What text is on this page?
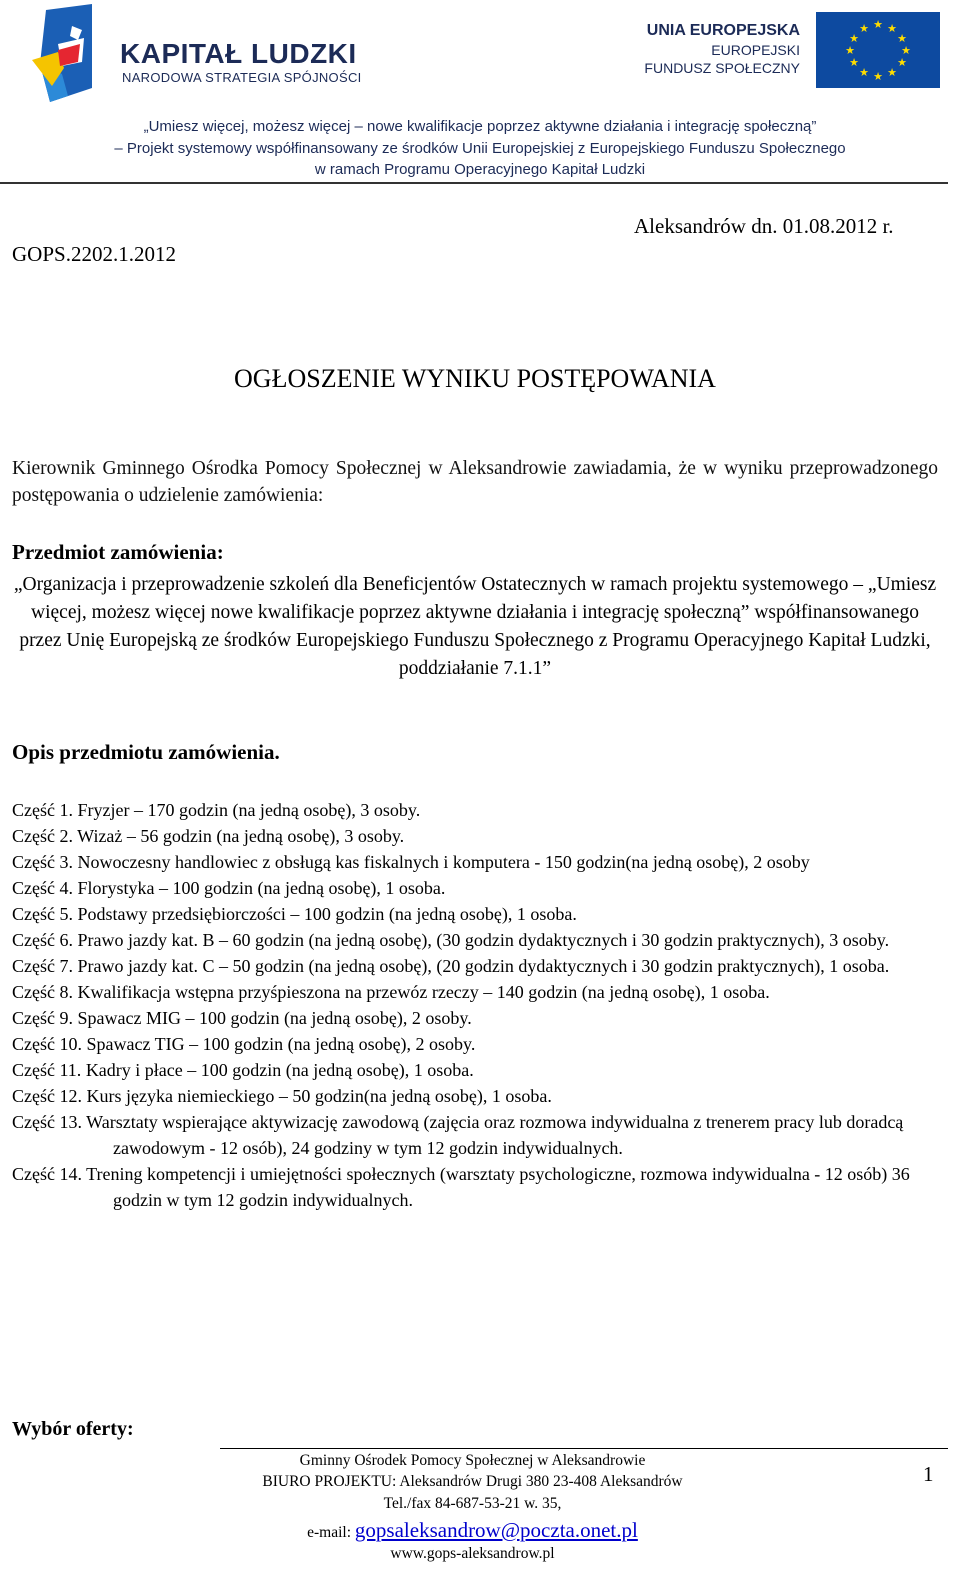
KAPITAŁ LUDZKI
NARODOWA STRATEGIA SPÓJNOŚCI
UNIA EUROPEJSKA
EUROPEJSKI
FUNDUSZ SPOŁECZNY
★ ★
★
★
★
★
★
★
★
★
★
★
„Umiesz więcej, możesz więcej – nowe kwalifikacje poprzez aktywne działania i integrację społeczną”
– Projekt systemowy współfinansowany ze środków Unii Europejskiej z Europejskiego Funduszu Społecznego
w ramach Programu Operacyjnego Kapitał Ludzki
GOPS.2202.1.2012
Aleksandrów dn. 01.08.2012 r.
OGŁOSZENIE WYNIKU POSTĘPOWANIA
Kierownik Gminnego Ośrodka Pomocy Społecznej w Aleksandrowie zawiadamia, że w wyniku przeprowadzonego postępowania o udzielenie zamówienia:
Przedmiot zamówienia:
„Organizacja i przeprowadzenie szkoleń dla Beneficjentów Ostatecznych w ramach projektu systemowego – „Umiesz więcej, możesz więcej nowe kwalifikacje poprzez aktywne działania i integrację społeczną” współfinansowanego przez Unię Europejską ze środków Europejskiego Funduszu Społecznego z Programu Operacyjnego Kapitał Ludzki, poddziałanie 7.1.1”
Opis przedmiotu zamówienia.
Część 1. Fryzjer – 170 godzin (na jedną osobę), 3 osoby.
Część 2. Wizaż – 56 godzin (na jedną osobę), 3 osoby.
Część 3. Nowoczesny handlowiec z obsługą kas fiskalnych i komputera - 150 godzin(na jedną osobę), 2 osoby
Część 4. Florystyka – 100 godzin (na jedną osobę), 1 osoba.
Część 5. Podstawy przedsiębiorczości – 100 godzin (na jedną osobę), 1 osoba.
Część 6. Prawo jazdy kat. B – 60 godzin (na jedną osobę), (30 godzin dydaktycznych i 30 godzin praktycznych), 3 osoby.
Część 7. Prawo jazdy kat. C – 50 godzin (na jedną osobę), (20 godzin dydaktycznych i 30 godzin praktycznych), 1 osoba.
Część 8. Kwalifikacja wstępna przyśpieszona na przewóz rzeczy – 140 godzin (na jedną osobę), 1 osoba.
Część 9. Spawacz MIG – 100 godzin (na jedną osobę), 2 osoby.
Część 10. Spawacz TIG – 100 godzin (na jedną osobę), 2 osoby.
Część 11. Kadry i płace – 100 godzin (na jedną osobę), 1 osoba.
Część 12. Kurs języka niemieckiego – 50 godzin(na jedną osobę), 1 osoba.
Część 13. Warsztaty wspierające aktywizację zawodową (zajęcia oraz rozmowa indywidualna z trenerem pracy lub doradcą zawodowym - 12 osób), 24 godziny w tym 12 godzin indywidualnych.
Część 14. Trening kompetencji i umiejętności społecznych (warsztaty psychologiczne, rozmowa indywidualna - 12 osób) 36 godzin w tym 12 godzin indywidualnych.
Wybór oferty:
Gminny Ośrodek Pomocy Społecznej w Aleksandrowie
BIURO PROJEKTU: Aleksandrów Drugi 380 23-408 Aleksandrów
Tel./fax 84-687-53-21 w. 35,
e-mail: gopsaleksandrow@poczta.onet.pl
www.gops-aleksandrow.pl
1
